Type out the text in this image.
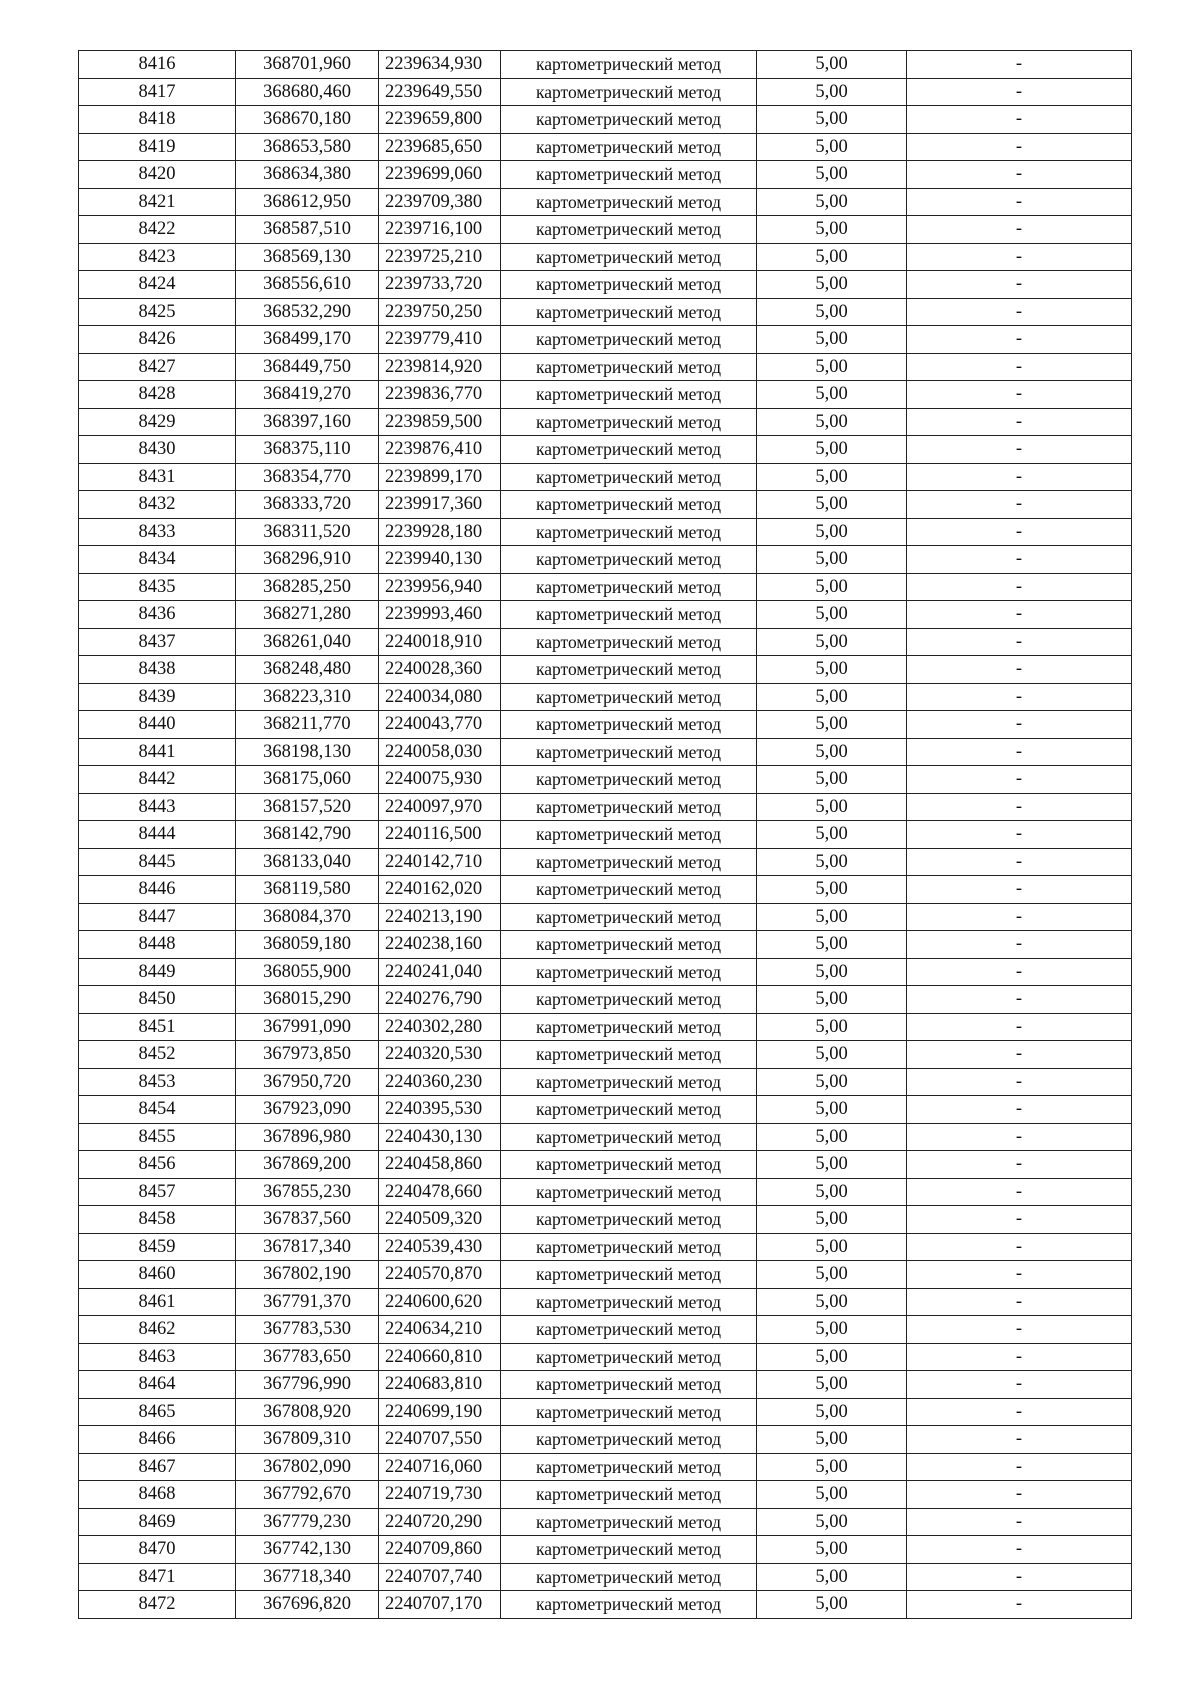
8416	368701,960	2239634,930	картометрический метод	5,00	-
8417	368680,460	2239649,550	картометрический метод	5,00	-
8418	368670,180	2239659,800	картометрический метод	5,00	-
8419	368653,580	2239685,650	картометрический метод	5,00	-
8420	368634,380	2239699,060	картометрический метод	5,00	-
8421	368612,950	2239709,380	картометрический метод	5,00	-
8422	368587,510	2239716,100	картометрический метод	5,00	-
8423	368569,130	2239725,210	картометрический метод	5,00	-
8424	368556,610	2239733,720	картометрический метод	5,00	-
8425	368532,290	2239750,250	картометрический метод	5,00	-
8426	368499,170	2239779,410	картометрический метод	5,00	-
8427	368449,750	2239814,920	картометрический метод	5,00	-
8428	368419,270	2239836,770	картометрический метод	5,00	-
8429	368397,160	2239859,500	картометрический метод	5,00	-
8430	368375,110	2239876,410	картометрический метод	5,00	-
8431	368354,770	2239899,170	картометрический метод	5,00	-
8432	368333,720	2239917,360	картометрический метод	5,00	-
8433	368311,520	2239928,180	картометрический метод	5,00	-
8434	368296,910	2239940,130	картометрический метод	5,00	-
8435	368285,250	2239956,940	картометрический метод	5,00	-
8436	368271,280	2239993,460	картометрический метод	5,00	-
8437	368261,040	2240018,910	картометрический метод	5,00	-
8438	368248,480	2240028,360	картометрический метод	5,00	-
8439	368223,310	2240034,080	картометрический метод	5,00	-
8440	368211,770	2240043,770	картометрический метод	5,00	-
8441	368198,130	2240058,030	картометрический метод	5,00	-
8442	368175,060	2240075,930	картометрический метод	5,00	-
8443	368157,520	2240097,970	картометрический метод	5,00	-
8444	368142,790	2240116,500	картометрический метод	5,00	-
8445	368133,040	2240142,710	картометрический метод	5,00	-
8446	368119,580	2240162,020	картометрический метод	5,00	-
8447	368084,370	2240213,190	картометрический метод	5,00	-
8448	368059,180	2240238,160	картометрический метод	5,00	-
8449	368055,900	2240241,040	картометрический метод	5,00	-
8450	368015,290	2240276,790	картометрический метод	5,00	-
8451	367991,090	2240302,280	картометрический метод	5,00	-
8452	367973,850	2240320,530	картометрический метод	5,00	-
8453	367950,720	2240360,230	картометрический метод	5,00	-
8454	367923,090	2240395,530	картометрический метод	5,00	-
8455	367896,980	2240430,130	картометрический метод	5,00	-
8456	367869,200	2240458,860	картометрический метод	5,00	-
8457	367855,230	2240478,660	картометрический метод	5,00	-
8458	367837,560	2240509,320	картометрический метод	5,00	-
8459	367817,340	2240539,430	картометрический метод	5,00	-
8460	367802,190	2240570,870	картометрический метод	5,00	-
8461	367791,370	2240600,620	картометрический метод	5,00	-
8462	367783,530	2240634,210	картометрический метод	5,00	-
8463	367783,650	2240660,810	картометрический метод	5,00	-
8464	367796,990	2240683,810	картометрический метод	5,00	-
8465	367808,920	2240699,190	картометрический метод	5,00	-
8466	367809,310	2240707,550	картометрический метод	5,00	-
8467	367802,090	2240716,060	картометрический метод	5,00	-
8468	367792,670	2240719,730	картометрический метод	5,00	-
8469	367779,230	2240720,290	картометрический метод	5,00	-
8470	367742,130	2240709,860	картометрический метод	5,00	-
8471	367718,340	2240707,740	картометрический метод	5,00	-
8472	367696,820	2240707,170	картометрический метод	5,00	-
